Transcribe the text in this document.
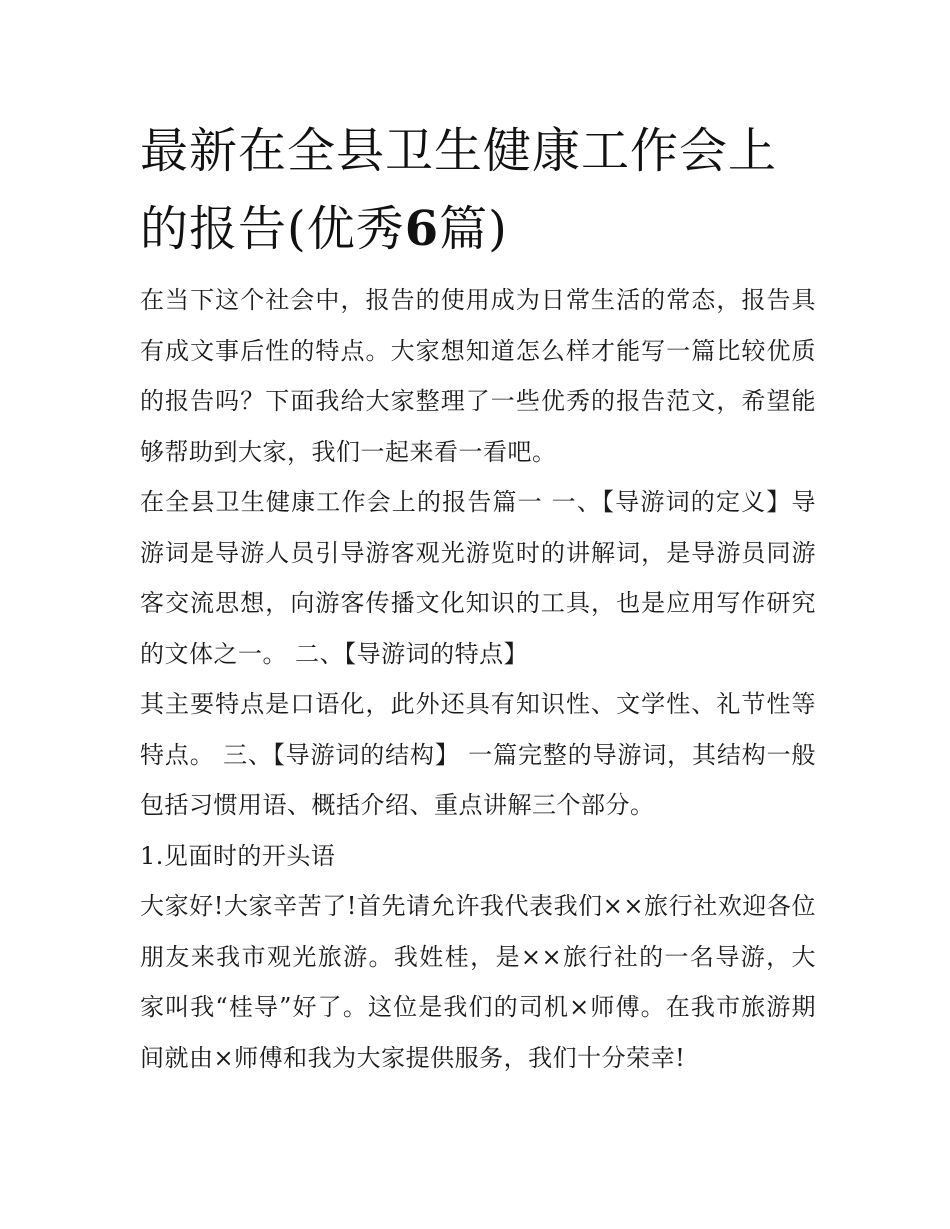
最新在全县卫生健康工作会上的报告(优秀6篇)

在当下这个社会中，报告的使用成为日常生活的常态，报告具有成文事后性的特点。大家想知道怎么样才能写一篇比较优质的报告吗？下面我给大家整理了一些优秀的报告范文，希望能够帮助到大家，我们一起来看一看吧。

在全县卫生健康工作会上的报告篇一 一、【导游词的定义】导游词是导游人员引导游客观光游览时的讲解词，是导游员同游客交流思想，向游客传播文化知识的工具，也是应用写作研究的文体之一。 二、【导游词的特点】

其主要特点是口语化，此外还具有知识性、文学性、礼节性等特点。 三、【导游词的结构】 一篇完整的导游词，其结构一般包括习惯用语、概括介绍、重点讲解三个部分。

1.见面时的开头语

大家好!大家辛苦了!首先请允许我代表我们××旅行社欢迎各位朋友来我市观光旅游。我姓桂，是××旅行社的一名导游，大家叫我“桂导”好了。这位是我们的司机×师傅。在我市旅游期间就由×师傅和我为大家提供服务，我们十分荣幸!
